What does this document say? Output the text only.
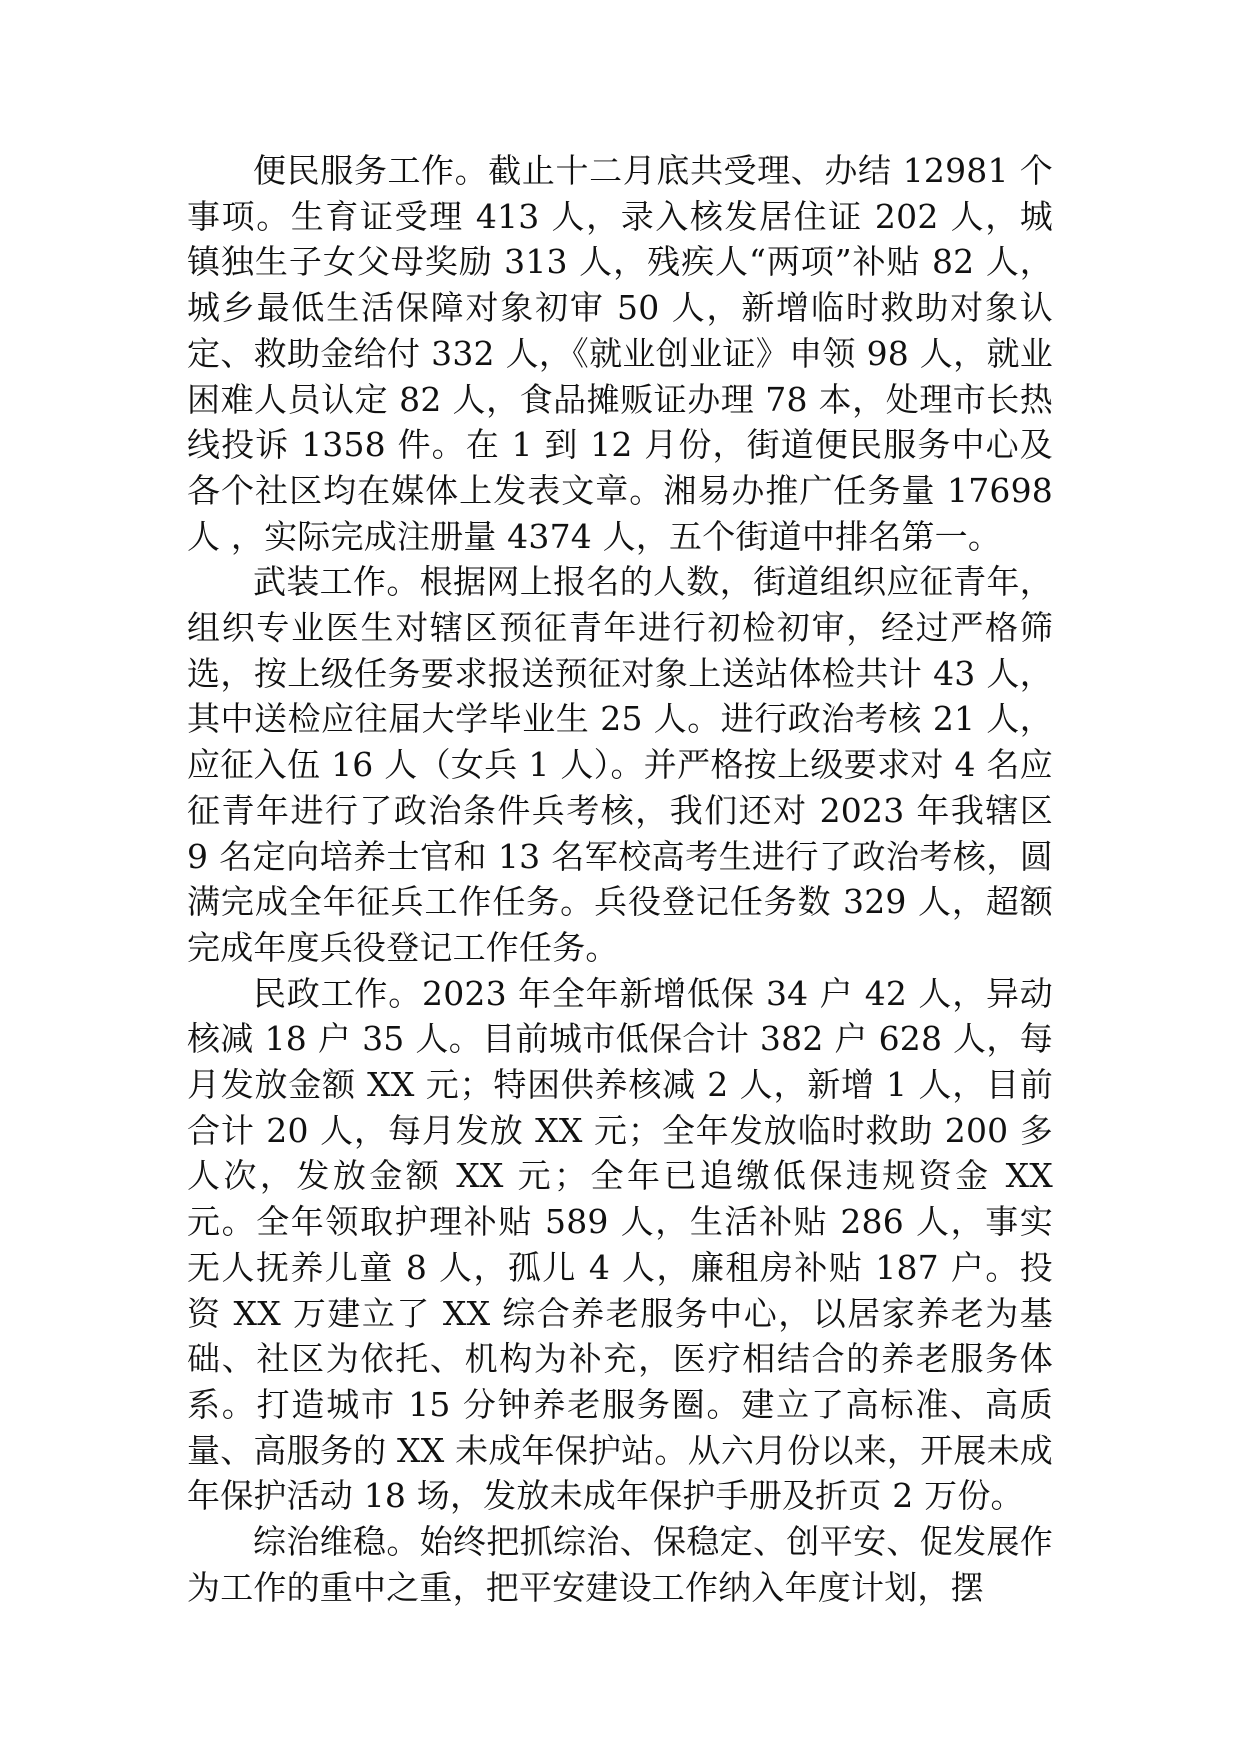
便民服务工作。截止十二月底共受理、办结 12981 个事项。生育证受理 413 人，录入核发居住证 202 人，城镇独生子女父母奖励 313 人，残疾人“两项”补贴 82 人，城乡最低生活保障对象初审 50 人，新增临时救助对象认定、救助金给付 332 人，《就业创业证》申领 98 人，就业困难人员认定 82 人，食品摊贩证办理 78 本，处理市长热线投诉 1358 件。在 1 到 12 月份，街道便民服务中心及各个社区均在媒体上发表文章。湘易办推广任务量 17698 人 ，实际完成注册量 4374 人，五个街道中排名第一。

武装工作。根据网上报名的人数，街道组织应征青年，组织专业医生对辖区预征青年进行初检初审，经过严格筛选，按上级任务要求报送预征对象上送站体检共计 43 人，其中送检应往届大学毕业生 25 人。进行政治考核 21 人，应征入伍 16 人（女兵 1 人）。并严格按上级要求对 4 名应征青年进行了政治条件兵考核，我们还对 2023 年我辖区 9 名定向培养士官和 13 名军校高考生进行了政治考核，圆满完成全年征兵工作任务。兵役登记任务数 329 人，超额完成年度兵役登记工作任务。

民政工作。2023 年全年新增低保 34 户 42 人，异动核减 18 户 35 人。目前城市低保合计 382 户 628 人，每月发放金额 XX 元；特困供养核减 2 人，新增 1 人，目前合计 20 人，每月发放 XX 元；全年发放临时救助 200 多人次，发放金额 XX 元；全年已追缴低保违规资金 XX 元。全年领取护理补贴 589 人，生活补贴 286 人，事实无人抚养儿童 8 人，孤儿 4 人，廉租房补贴 187 户。投资 XX 万建立了 XX 综合养老服务中心，以居家养老为基础、社区为依托、机构为补充，医疗相结合的养老服务体系。打造城市 15 分钟养老服务圈。建立了高标准、高质量、高服务的 XX 未成年保护站。从六月份以来，开展未成年保护活动 18 场，发放未成年保护手册及折页 2 万份。

综治维稳。始终把抓综治、保稳定、创平安、促发展作为工作的重中之重，把平安建设工作纳入年度计划，摆
